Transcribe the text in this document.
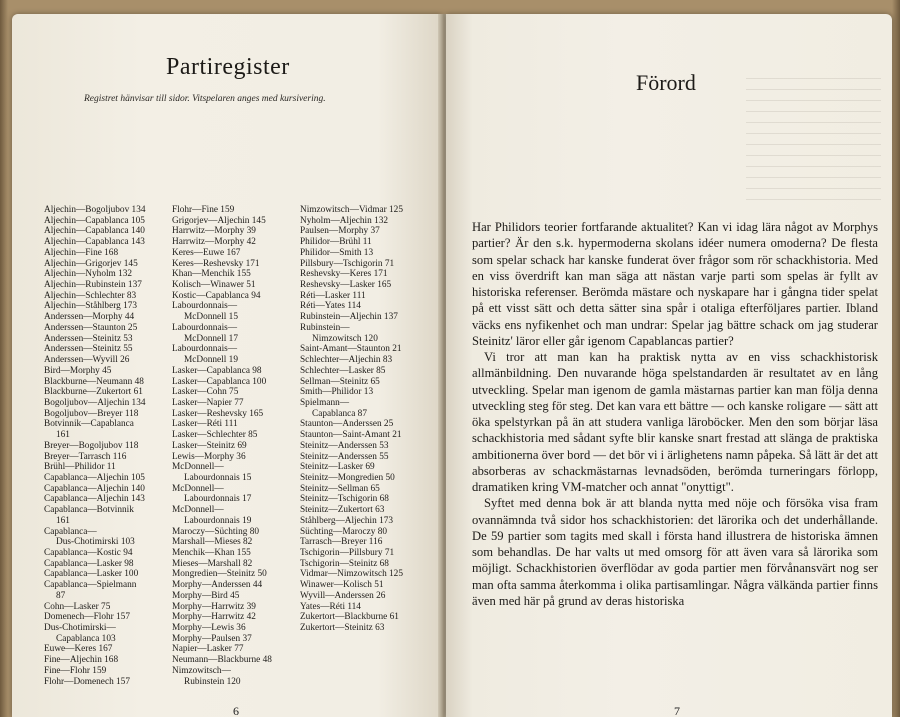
Partiregister
Registret hänvisar till sidor. Vitspelaren anges med kursivering.
Aljechin—Bogoljubov 134
Aljechin—Capablanca 105
Aljechin—Capablanca 140
Aljechin—Capablanca 143
Aljechin—Fine 168
Aljechin—Grigorjev 145
Aljechin—Nyholm 132
Aljechin—Rubinstein 137
Aljechin—Schlechter 83
Aljechin—Ståhlberg 173
Anderssen—Morphy 44
Anderssen—Staunton 25
Anderssen—Steinitz 53
Anderssen—Steinitz 55
Anderssen—Wyvill 26
Bird—Morphy 45
Blackburne—Neumann 48
Blackburne—Zukertort 61
Bogoljubov—Aljechin 134
Bogoljubov—Breyer 118
Botvinnik—Capablanca
161
Breyer—Bogoljubov 118
Breyer—Tarrasch 116
Brühl—Philidor 11
Capablanca—Aljechin 105
Capablanca—Aljechin 140
Capablanca—Aljechin 143
Capablanca—Botvinnik
161
Capablanca—
Dus-Chotimirski 103
Capablanca—Kostic 94
Capablanca—Lasker 98
Capablanca—Lasker 100
Capablanca—Spielmann
87
Cohn—Lasker 75
Domenech—Flohr 157
Dus-Chotimirski—
Capablanca 103
Euwe—Keres 167
Fine—Aljechin 168
Fine—Flohr 159
Flohr—Domenech 157
Flohr—Fine 159
Grigorjev—Aljechin 145
Harrwitz—Morphy 39
Harrwitz—Morphy 42
Keres—Euwe 167
Keres—Reshevsky 171
Khan—Menchik 155
Kolisch—Winawer 51
Kostic—Capablanca 94
Labourdonnais—
McDonnell 15
Labourdonnais—
McDonnell 17
Labourdonnais—
McDonnell 19
Lasker—Capablanca 98
Lasker—Capablanca 100
Lasker—Cohn 75
Lasker—Napier 77
Lasker—Reshevsky 165
Lasker—Réti 111
Lasker—Schlechter 85
Lasker—Steinitz 69
Lewis—Morphy 36
McDonnell—
Labourdonnais 15
McDonnell—
Labourdonnais 17
McDonnell—
Labourdonnais 19
Maroczy—Süchting 80
Marshall—Mieses 82
Menchik—Khan 155
Mieses—Marshall 82
Mongredien—Steinitz 50
Morphy—Anderssen 44
Morphy—Bird 45
Morphy—Harrwitz 39
Morphy—Harrwitz 42
Morphy—Lewis 36
Morphy—Paulsen 37
Napier—Lasker 77
Neumann—Blackburne 48
Nimzowitsch—
Rubinstein 120
Nimzowitsch—Vidmar 125
Nyholm—Aljechin 132
Paulsen—Morphy 37
Philidor—Brühl 11
Philidor—Smith 13
Pillsbury—Tschigorin 71
Reshevsky—Keres 171
Reshevsky—Lasker 165
Réti—Lasker 111
Réti—Yates 114
Rubinstein—Aljechin 137
Rubinstein—
Nimzowitsch 120
Saint-Amant—Staunton 21
Schlechter—Aljechin 83
Schlechter—Lasker 85
Sellman—Steinitz 65
Smith—Philidor 13
Spielmann—
Capablanca 87
Staunton—Anderssen 25
Staunton—Saint-Amant 21
Steinitz—Anderssen 53
Steinitz—Anderssen 55
Steinitz—Lasker 69
Steinitz—Mongredien 50
Steinitz—Sellman 65
Steinitz—Tschigorin 68
Steinitz—Zukertort 63
Ståhlberg—Aljechin 173
Süchting—Maroczy 80
Tarrasch—Breyer 116
Tschigorin—Pillsbury 71
Tschigorin—Steinitz 68
Vidmar—Nimzowitsch 125
Winawer—Kolisch 51
Wyvill—Anderssen 26
Yates—Réti 114
Zukertort—Blackburne 61
Zukertort—Steinitz 63
6
Förord

Har Philidors teorier fortfarande aktualitet? Kan vi idag lära något av Morphys partier? Är den s.k. hypermoderna skolans idéer numera omoderna? De flesta som spelar schack har kanske funderat över frågor som rör schackhistoria. Med en viss överdrift kan man säga att nästan varje parti som spelas är fyllt av historiska referenser. Berömda mästare och nyskapare har i gångna tider spelat på ett visst sätt och detta sätter sina spår i otaliga efterföljares partier. Ibland väcks ens nyfikenhet och man undrar: Spelar jag bättre schack om jag studerar Steinitz' läror eller går igenom Capablancas partier?

Vi tror att man kan ha praktisk nytta av en viss schackhistorisk allmänbildning. Den nuvarande höga spelstandarden är resultatet av en lång utveckling. Spelar man igenom de gamla mästarnas partier kan man följa denna utveckling steg för steg. Det kan vara ett bättre — och kanske roligare — sätt att öka spelstyrkan på än att studera vanliga läroböcker. Men den som börjar läsa schackhistoria med sådant syfte blir kanske snart frestad att slänga de praktiska ambitionerna över bord — det bör vi i ärlighetens namn påpeka. Så lätt är det att absorberas av schackmästarnas levnadsöden, berömda turneringars förlopp, dramatiken kring VM-matcher och annat "onyttigt".

Syftet med denna bok är att blanda nytta med nöje och försöka visa fram ovannämnda två sidor hos schackhistorien: det lärorika och det underhållande. De 59 partier som tagits med skall i första hand illustrera de historiska ämnen som behandlas. De har valts ut med omsorg för att även vara så lärorika som möjligt. Schackhistorien överflödar av goda partier men förvånansvärt nog ser man ofta samma återkomma i olika partisamlingar. Några välkända partier finns även med här på grund av deras historiska

7
